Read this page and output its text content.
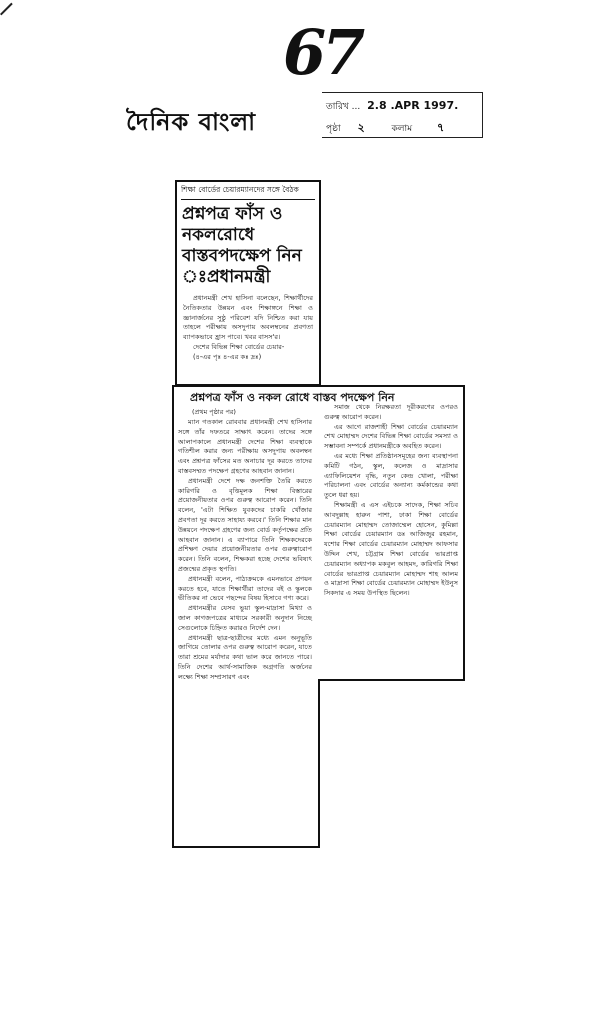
67
দৈনিক বাংলা
তারিখ ... 2.8 .APR 1997.
পৃষ্ঠা ২	কলাম ৭
শিক্ষা বোর্ডের চেয়ারম্যানদের সঙ্গে বৈঠক
প্রশ্নপত্র ফাঁস ও নকলরোধে বাস্তবপদক্ষেপ নিন ঃপ্রধানমন্ত্রী

প্রধানমন্ত্রী শেখ হাসিনা বলেছেন, শিক্ষার্থীদের নৈতিকতার উন্নয়ন এবং শিক্ষাঙ্গনে শিক্ষা ও জ্ঞানার্জনের সুষ্ঠু পরিবেশ যদি নিশ্চিত করা যায় তাহলে পরীক্ষায় অসদুপায় অবলম্বনের প্রবণতা ব্যাপকভাবে হ্রাস পাবে। খবর বাসস'র।

দেশের বিভিন্ন শিক্ষা বোর্ডের চেয়ার-

(৪-এর পৃঃ ৪-এর কঃ দ্রঃ)

প্রশ্নপত্র ফাঁস ও নকল রোধে বাস্তব পদক্ষেপ নিন
(প্রথম পৃষ্ঠার পর)

ম্যান গতকাল রোববার প্রধানমন্ত্রী শেখ হাসিনার সঙ্গে তাঁর দফতরে সাক্ষাৎ করেন। তাদের সঙ্গে আলাপকালে প্রধানমন্ত্রী দেশের শিক্ষা ব্যবস্থাকে গতিশীল করার জন্য পরীক্ষায় অসদুপায় অবলম্বন এবং প্রশ্নপত্র ফাঁসের মত অনাচার দূর করতে তাদের বাস্তবসম্মত পদক্ষেপ গ্রহণের আহবান জানান।

প্রধানমন্ত্রী দেশে দক্ষ জনশক্তি তৈরি করতে কারিগরি ও বৃত্তিমূলক শিক্ষা বিস্তারের প্রয়োজনীয়তার ওপর গুরুত্ব আরোপ করেন। তিনি বলেন, 'এটা শিক্ষিত যুবকদের চাকরি খোঁজার প্রবণতা দূর করতে সাহায্য করবে।' তিনি শিক্ষার মান উন্নয়নে পদক্ষেপ গ্রহণের জন্য বোর্ড কর্তৃপক্ষের প্রতি আহবান জানান। এ ব্যাপারে তিনি শিক্ষকদেরকে প্রশিক্ষণ দেয়ার প্রয়োজনীয়তার ওপর গুরুত্বারোপ করেন। তিনি বলেন, শিক্ষকরা হচ্ছে দেশের ভবিষ্যৎ প্রজন্মের প্রকৃত স্থপতি।

প্রধানমন্ত্রী বলেন, পাঠ্যক্রমকে এমনভাবে প্রণয়ন করতে হবে, যাতে শিক্ষার্থীরা তাদের বই ও স্কুলকে ভীতিকর না ভেবে পছন্দের বিষয় হিসাবে গণ্য করে।

প্রধানমন্ত্রীর যেসব ভুয়া স্কুল-মাদ্রাসা মিথ্যা ও জাল কাগজপত্রের মাধ্যমে সরকারী অনুদান নিচ্ছে সেগুলোকে চিহ্নিত করারও নির্দেশ দেন।

প্রধানমন্ত্রী ছাত্র-ছাত্রীদের মধ্যে এমন অনুভূতি জাগিয়ে তোলার ওপর গুরুত্ব আরোপ করেন, যাতে তারা শ্রমের মর্যাদার কথা ভাল করে জানতে পারে। তিনি দেশের আর্থ-সামাজিক অগ্রগতি অর্জনের লক্ষ্যে শিক্ষা সম্প্রসারণ এবং

সমাজ থেকে নিরক্ষরতা দূরীকরণের ওপরও গুরুত্ব আরোপ করেন।

এর আগে রাজশাহী শিক্ষা বোর্ডের চেয়ারম্যান শেখ মোহাম্মদ দেশের বিভিন্ন শিক্ষা বোর্ডের সমস্যা ও সম্ভাবনা সম্পর্কে প্রধানমন্ত্রীকে অবহিত করেন।

এর মধ্যে শিক্ষা প্রতিষ্ঠানসমূহের জন্য ব্যবস্থাপনা কমিটি গঠন, স্কুল, কলেজ ও মাদ্রাসার এ্যাফিলিয়েশন বৃদ্ধি, নতুন কেন্দ্র খোলা, পরীক্ষা পরিচালনা এবং বোর্ডের অন্যান্য কর্মকান্ডের কথা তুলে ধরা হয়।

শিক্ষামন্ত্রী এ এস এইচকে সাদেক, শিক্ষা সচিব আবদুল্লাহ হারুন পাশা, ঢাকা শিক্ষা বোর্ডের চেয়ারম্যান মোহাম্মদ তোজাম্মেল হোসেন, কুমিল্লা শিক্ষা বোর্ডের চেয়ারম্যান ডঃ আজিজুর রহমান, যশোর শিক্ষা বোর্ডের চেয়ারম্যান মোহাম্মদ আফসার উদ্দিন শেখ, চট্টগ্রাম শিক্ষা বোর্ডের ভারপ্রাপ্ত চেয়ারম্যান অধ্যাপক মকবুল আহমদ, কারিগরি শিক্ষা বোর্ডের ভারপ্রাপ্ত চেয়ারম্যান মোহাম্মদ শাহ আলম ও মাদ্রাসা শিক্ষা বোর্ডের চেয়ারম্যান মোহাম্মদ ইউনুস সিকদার এ সময় উপস্থিত ছিলেন।
